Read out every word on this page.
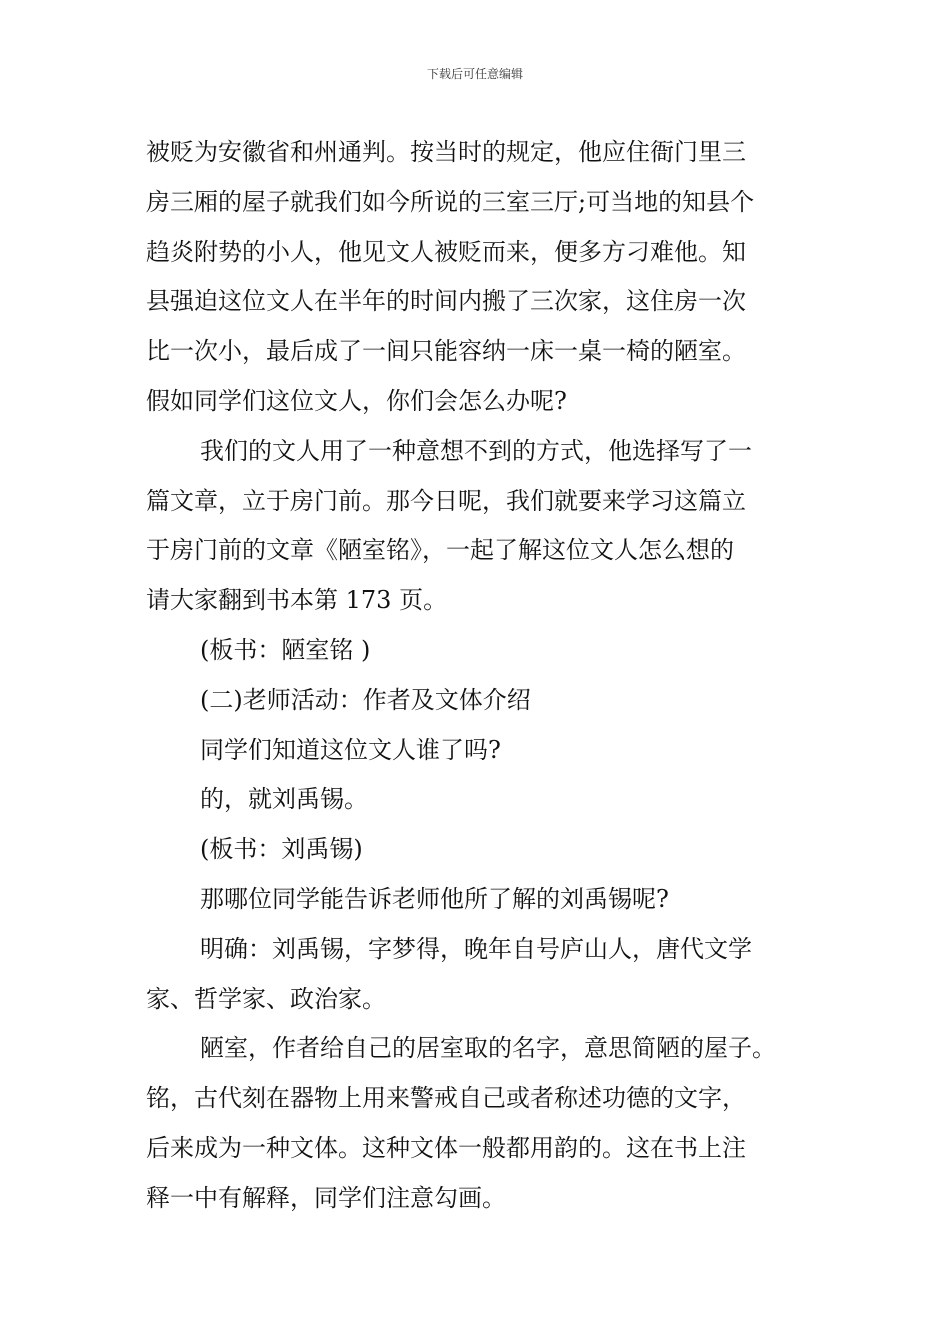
下载后可任意编辑

被贬为安徽省和州通判。按当时的规定，他应住衙门里三

房三厢的屋子就我们如今所说的三室三厅;可当地的知县个

趋炎附势的小人，他见文人被贬而来，便多方刁难他。知

县强迫这位文人在半年的时间内搬了三次家，这住房一次

比一次小，最后成了一间只能容纳一床一桌一椅的陋室。

假如同学们这位文人，你们会怎么办呢?

我们的文人用了一种意想不到的方式，他选择写了一

篇文章，立于房门前。那今日呢，我们就要来学习这篇立

于房门前的文章《陋室铭》，一起了解这位文人怎么想的

请大家翻到书本第 173 页。

(板书：陋室铭 )

(二)老师活动：作者及文体介绍

同学们知道这位文人谁了吗?

的，就刘禹锡。

(板书：刘禹锡)

那哪位同学能告诉老师他所了解的刘禹锡呢?

明确：刘禹锡，字梦得，晚年自号庐山人，唐代文学

家、哲学家、政治家。

陋室，作者给自己的居室取的名字，意思简陋的屋子。

铭，古代刻在器物上用来警戒自己或者称述功德的文字，

后来成为一种文体。这种文体一般都用韵的。这在书上注

释一中有解释，同学们注意勾画。
